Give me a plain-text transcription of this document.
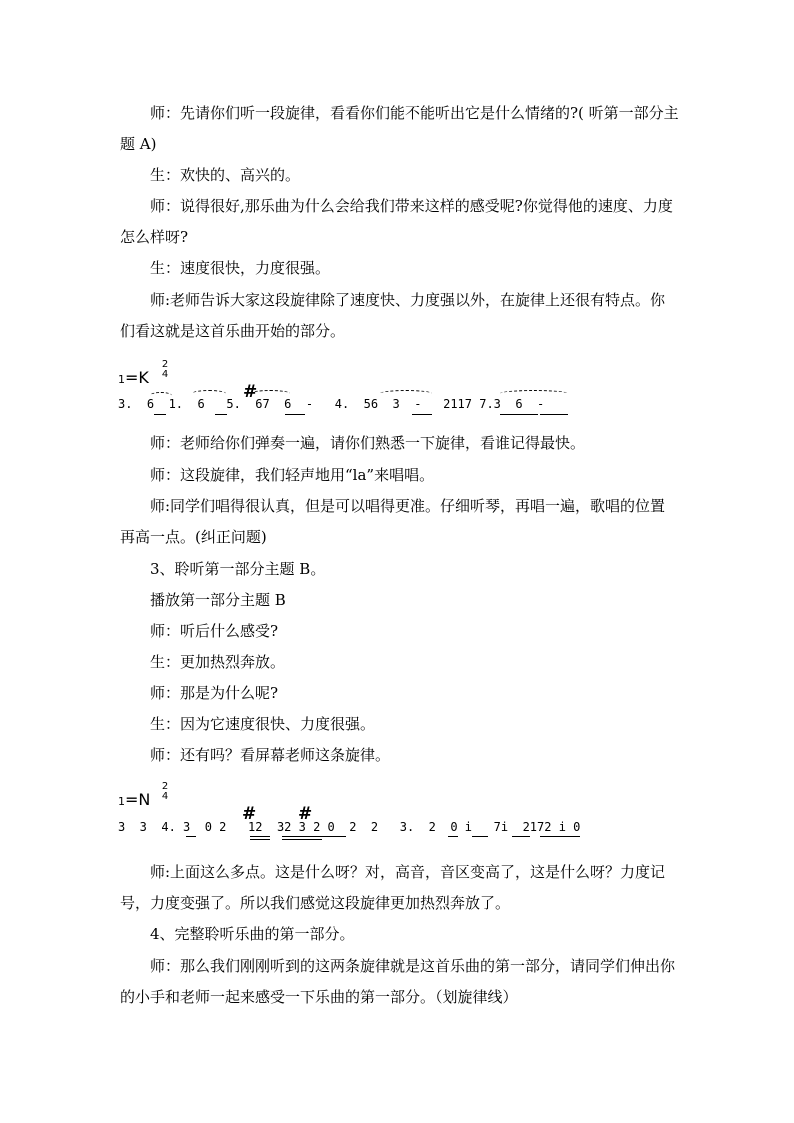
师：先请你们听一段旋律，看看你们能不能听出它是什么情绪的?( 听第一部分主题 A)
生：欢快的、高兴的。
师：说得很好,那乐曲为什么会给我们带来这样的感受呢?你觉得他的速度、力度怎么样呀?
生：速度很快，力度很强。
师:老师告诉大家这段旋律除了速度快、力度强以外，在旋律上还很有特点。你们看这就是这首乐曲开始的部分。
1=K
2
4
#
3.  6  1.  6   5.  67  6  -   4.  56  3  -   2117 7.3  6  -
师：老师给你们弹奏一遍，请你们熟悉一下旋律，看谁记得最快。
师：这段旋律，我们轻声地用“la”来唱唱。
师:同学们唱得很认真，但是可以唱得更准。仔细听琴，再唱一遍，歌唱的位置再高一点。(纠正问题)
3、聆听第一部分主题 B。
播放第一部分主题 B
师：听后什么感受?
生：更加热烈奔放。
师：那是为什么呢?
生：因为它速度很快、力度很强。
师：还有吗？看屏幕老师这条旋律。
1=N
2
4
# #
3  3  4. 3  0 2   12  32 3 2 0  2  2   3.  2  0 i   7i  2172 i 0
师:上面这么多点。这是什么呀？对，高音，音区变高了，这是什么呀？力度记号，力度变强了。所以我们感觉这段旋律更加热烈奔放了。
4、完整聆听乐曲的第一部分。
师：那么我们刚刚听到的这两条旋律就是这首乐曲的第一部分，请同学们伸出你的小手和老师一起来感受一下乐曲的第一部分。（划旋律线）
